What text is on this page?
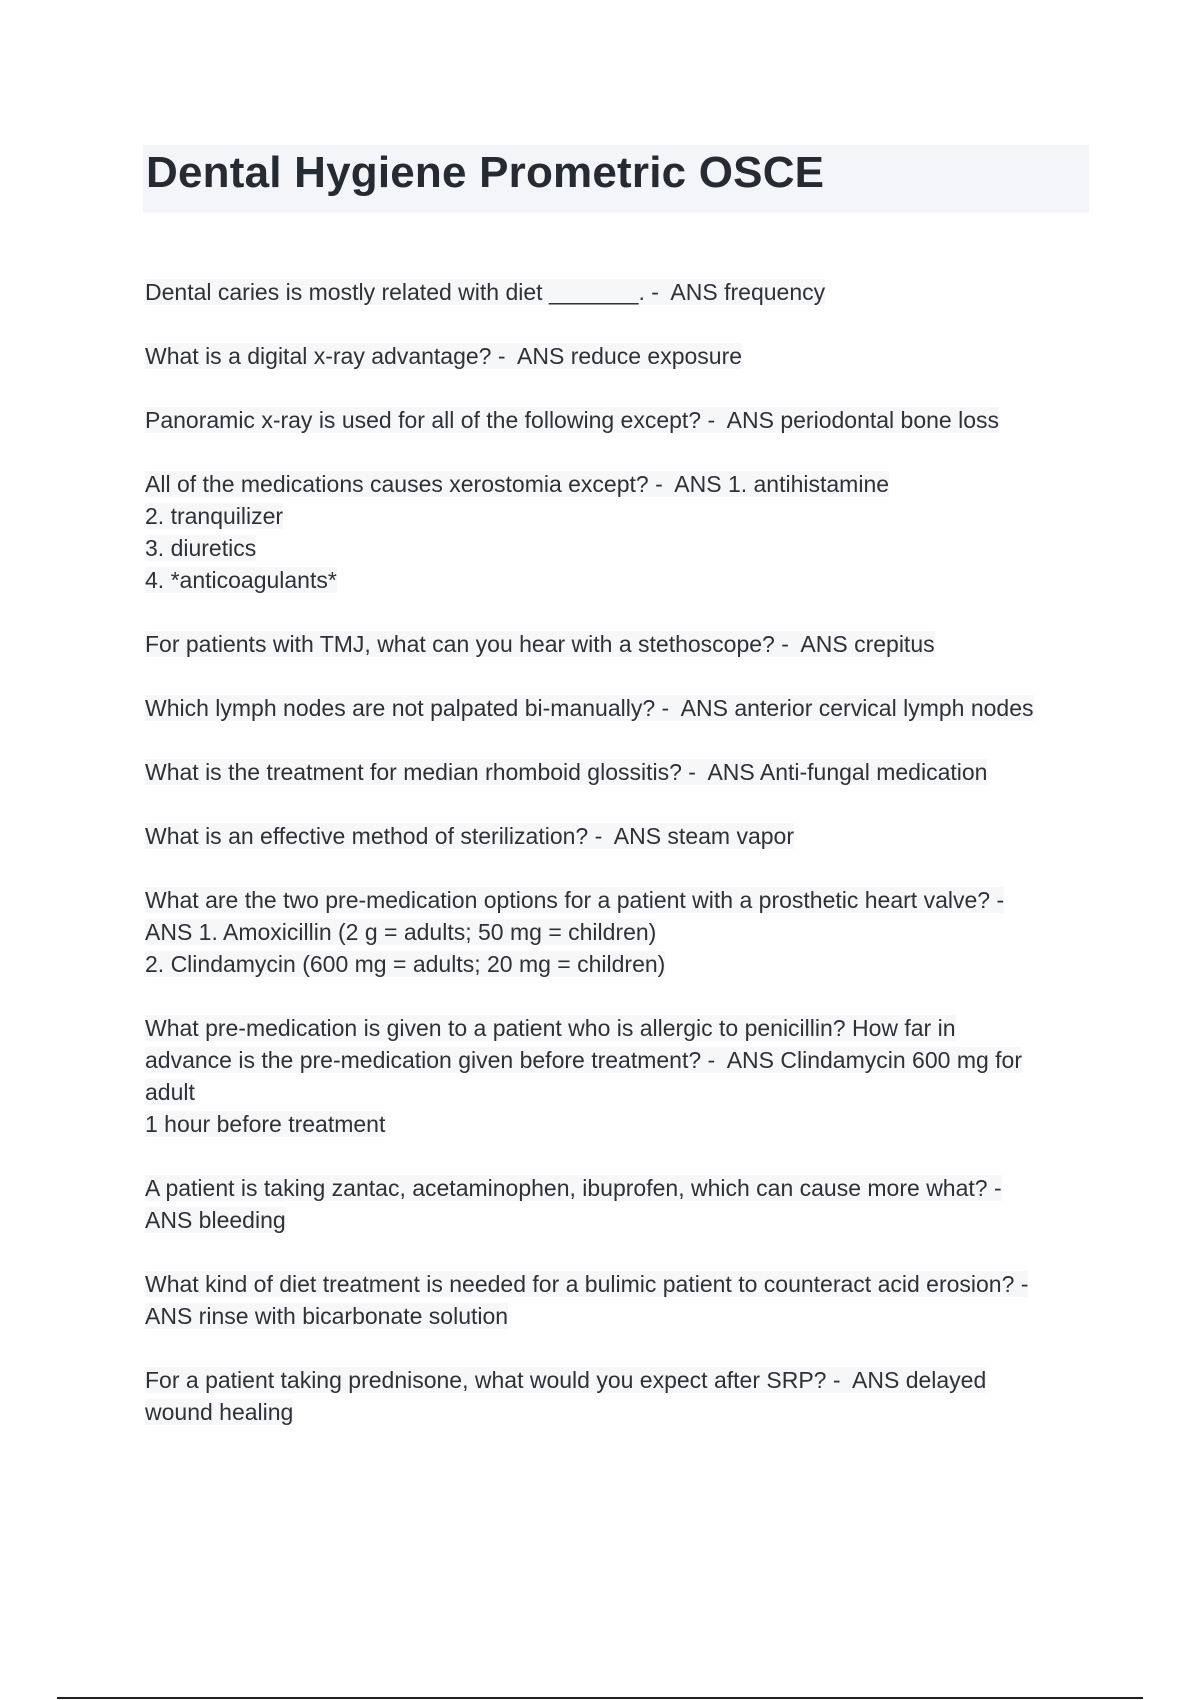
Dental Hygiene Prometric OSCE
Dental caries is mostly related with diet _______. -  ANS frequency
What is a digital x-ray advantage? -  ANS reduce exposure
Panoramic x-ray is used for all of the following except? -  ANS periodontal bone loss
All of the medications causes xerostomia except? -  ANS 1. antihistamine
2. tranquilizer
3. diuretics
4. *anticoagulants*
For patients with TMJ, what can you hear with a stethoscope? -  ANS crepitus
Which lymph nodes are not palpated bi-manually? -  ANS anterior cervical lymph nodes
What is the treatment for median rhomboid glossitis? -  ANS Anti-fungal medication
What is an effective method of sterilization? -  ANS steam vapor
What are the two pre-medication options for a patient with a prosthetic heart valve? -
ANS 1. Amoxicillin (2 g = adults; 50 mg = children)
2. Clindamycin (600 mg = adults; 20 mg = children)
What pre-medication is given to a patient who is allergic to penicillin? How far in
advance is the pre-medication given before treatment? -  ANS Clindamycin 600 mg for
adult
1 hour before treatment
A patient is taking zantac, acetaminophen, ibuprofen, which can cause more what? -
ANS bleeding
What kind of diet treatment is needed for a bulimic patient to counteract acid erosion? -
ANS rinse with bicarbonate solution
For a patient taking prednisone, what would you expect after SRP? -  ANS delayed
wound healing
